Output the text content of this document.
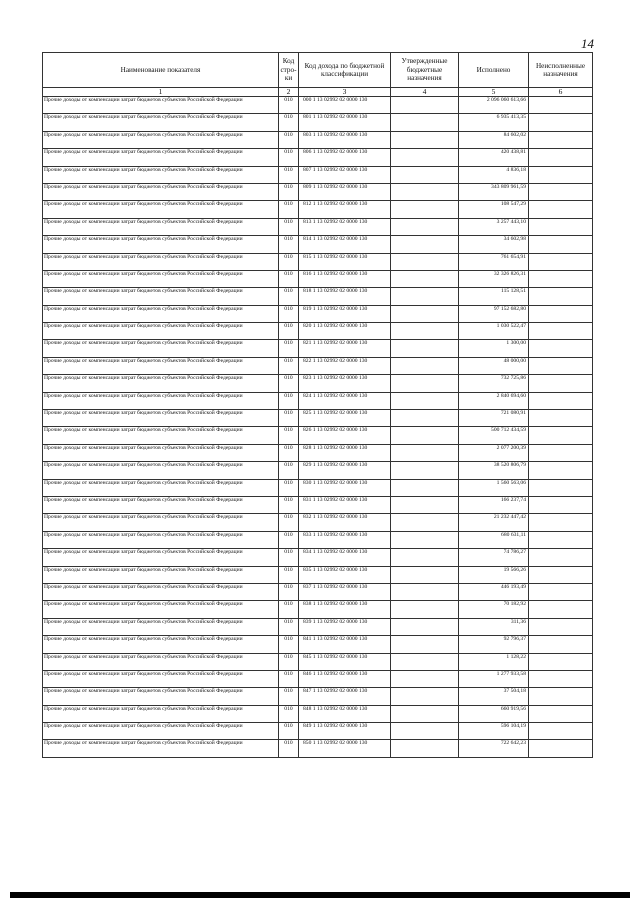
14
Наименование показателя	Код стро-ки	Код дохода по бюджетной классификации	Утвержденные бюджетные назначения	Исполнено	Неисполненные назначения
1	2	3	4	5	6
Прочие доходы от компенсации затрат бюджетов субъектов Российской Федерации	010	000 1 13 02992 02 0000 130		2 096 060 613,66	
Прочие доходы от компенсации затрат бюджетов субъектов Российской Федерации	010	801 1 13 02992 02 0000 130		6 935 413,35	
Прочие доходы от компенсации затрат бюджетов субъектов Российской Федерации	010	803 1 13 02992 02 0000 130		84 602,02	
Прочие доходы от компенсации затрат бюджетов субъектов Российской Федерации	010	806 1 13 02992 02 0000 130		420 438,81	
Прочие доходы от компенсации затрат бюджетов субъектов Российской Федерации	010	807 1 13 02992 02 0000 130		4 836,18	
Прочие доходы от компенсации затрат бюджетов субъектов Российской Федерации	010	809 1 13 02992 02 0000 130		343 809 961,59	
Прочие доходы от компенсации затрат бюджетов субъектов Российской Федерации	010	812 1 13 02992 02 0000 130		108 547,29	
Прочие доходы от компенсации затрат бюджетов субъектов Российской Федерации	010	813 1 13 02992 02 0000 130		3 257 443,10	
Прочие доходы от компенсации затрат бюджетов субъектов Российской Федерации	010	814 1 13 02992 02 0000 130		34 602,98	
Прочие доходы от компенсации затрат бюджетов субъектов Российской Федерации	010	815 1 13 02992 02 0000 130		761 654,91	
Прочие доходы от компенсации затрат бюджетов субъектов Российской Федерации	010	816 1 13 02992 02 0000 130		32 326 826,31	
Прочие доходы от компенсации затрат бюджетов субъектов Российской Федерации	010	818 1 13 02992 02 0000 130		115 128,51	
Прочие доходы от компенсации затрат бюджетов субъектов Российской Федерации	010	819 1 13 02992 02 0000 130		97 152 682,80	
Прочие доходы от компенсации затрат бюджетов субъектов Российской Федерации	010	820 1 13 02992 02 0000 130		1 030 522,47	
Прочие доходы от компенсации затрат бюджетов субъектов Российской Федерации	010	821 1 13 02992 02 0000 130		1 300,00	
Прочие доходы от компенсации затрат бюджетов субъектов Российской Федерации	010	822 1 13 02992 02 0000 130		48 000,00	
Прочие доходы от компенсации затрат бюджетов субъектов Российской Федерации	010	823 1 13 02992 02 0000 130		732 725,86	
Прочие доходы от компенсации затрат бюджетов субъектов Российской Федерации	010	824 1 13 02992 02 0000 130		2 840 694,60	
Прочие доходы от компенсации затрат бюджетов субъектов Российской Федерации	010	825 1 13 02992 02 0000 130		721 080,91	
Прочие доходы от компенсации затрат бюджетов субъектов Российской Федерации	010	826 1 13 02992 02 0000 130		500 712 434,59	
Прочие доходы от компенсации затрат бюджетов субъектов Российской Федерации	010	828 1 13 02992 02 0000 130		2 077 200,39	
Прочие доходы от компенсации затрат бюджетов субъектов Российской Федерации	010	829 1 13 02992 02 0000 130		38 520 806,79	
Прочие доходы от компенсации затрат бюджетов субъектов Российской Федерации	010	830 1 13 02992 02 0000 130		1 560 563,06	
Прочие доходы от компенсации затрат бюджетов субъектов Российской Федерации	010	831 1 13 02992 02 0000 130		166 237,74	
Прочие доходы от компенсации затрат бюджетов субъектов Российской Федерации	010	832 1 13 02992 02 0000 130		21 232 447,42	
Прочие доходы от компенсации затрат бюджетов субъектов Российской Федерации	010	833 1 13 02992 02 0000 130		680 631,11	
Прочие доходы от компенсации затрат бюджетов субъектов Российской Федерации	010	834 1 13 02992 02 0000 130		74 786,27	
Прочие доходы от компенсации затрат бюджетов субъектов Российской Федерации	010	835 1 13 02992 02 0000 130		19 566,26	
Прочие доходы от компенсации затрат бюджетов субъектов Российской Федерации	010	837 1 13 02992 02 0000 130		446 193,49	
Прочие доходы от компенсации затрат бюджетов субъектов Российской Федерации	010	838 1 13 02992 02 0000 130		70 182,92	
Прочие доходы от компенсации затрат бюджетов субъектов Российской Федерации	010	839 1 13 02992 02 0000 130		311,36	
Прочие доходы от компенсации затрат бюджетов субъектов Российской Федерации	010	841 1 13 02992 02 0000 130		92 796,37	
Прочие доходы от компенсации затрат бюджетов субъектов Российской Федерации	010	845 1 13 02992 02 0000 130		1 128,22	
Прочие доходы от компенсации затрат бюджетов субъектов Российской Федерации	010	846 1 13 02992 02 0000 130		1 277 933,58	
Прочие доходы от компенсации затрат бюджетов субъектов Российской Федерации	010	847 1 13 02992 02 0000 130		37 504,18	
Прочие доходы от компенсации затрат бюджетов субъектов Российской Федерации	010	848 1 13 02992 02 0000 130		660 919,56	
Прочие доходы от компенсации затрат бюджетов субъектов Российской Федерации	010	849 1 13 02992 02 0000 130		596 104,19	
Прочие доходы от компенсации затрат бюджетов субъектов Российской Федерации	010	850 1 13 02992 02 0000 130		722 642,23	
